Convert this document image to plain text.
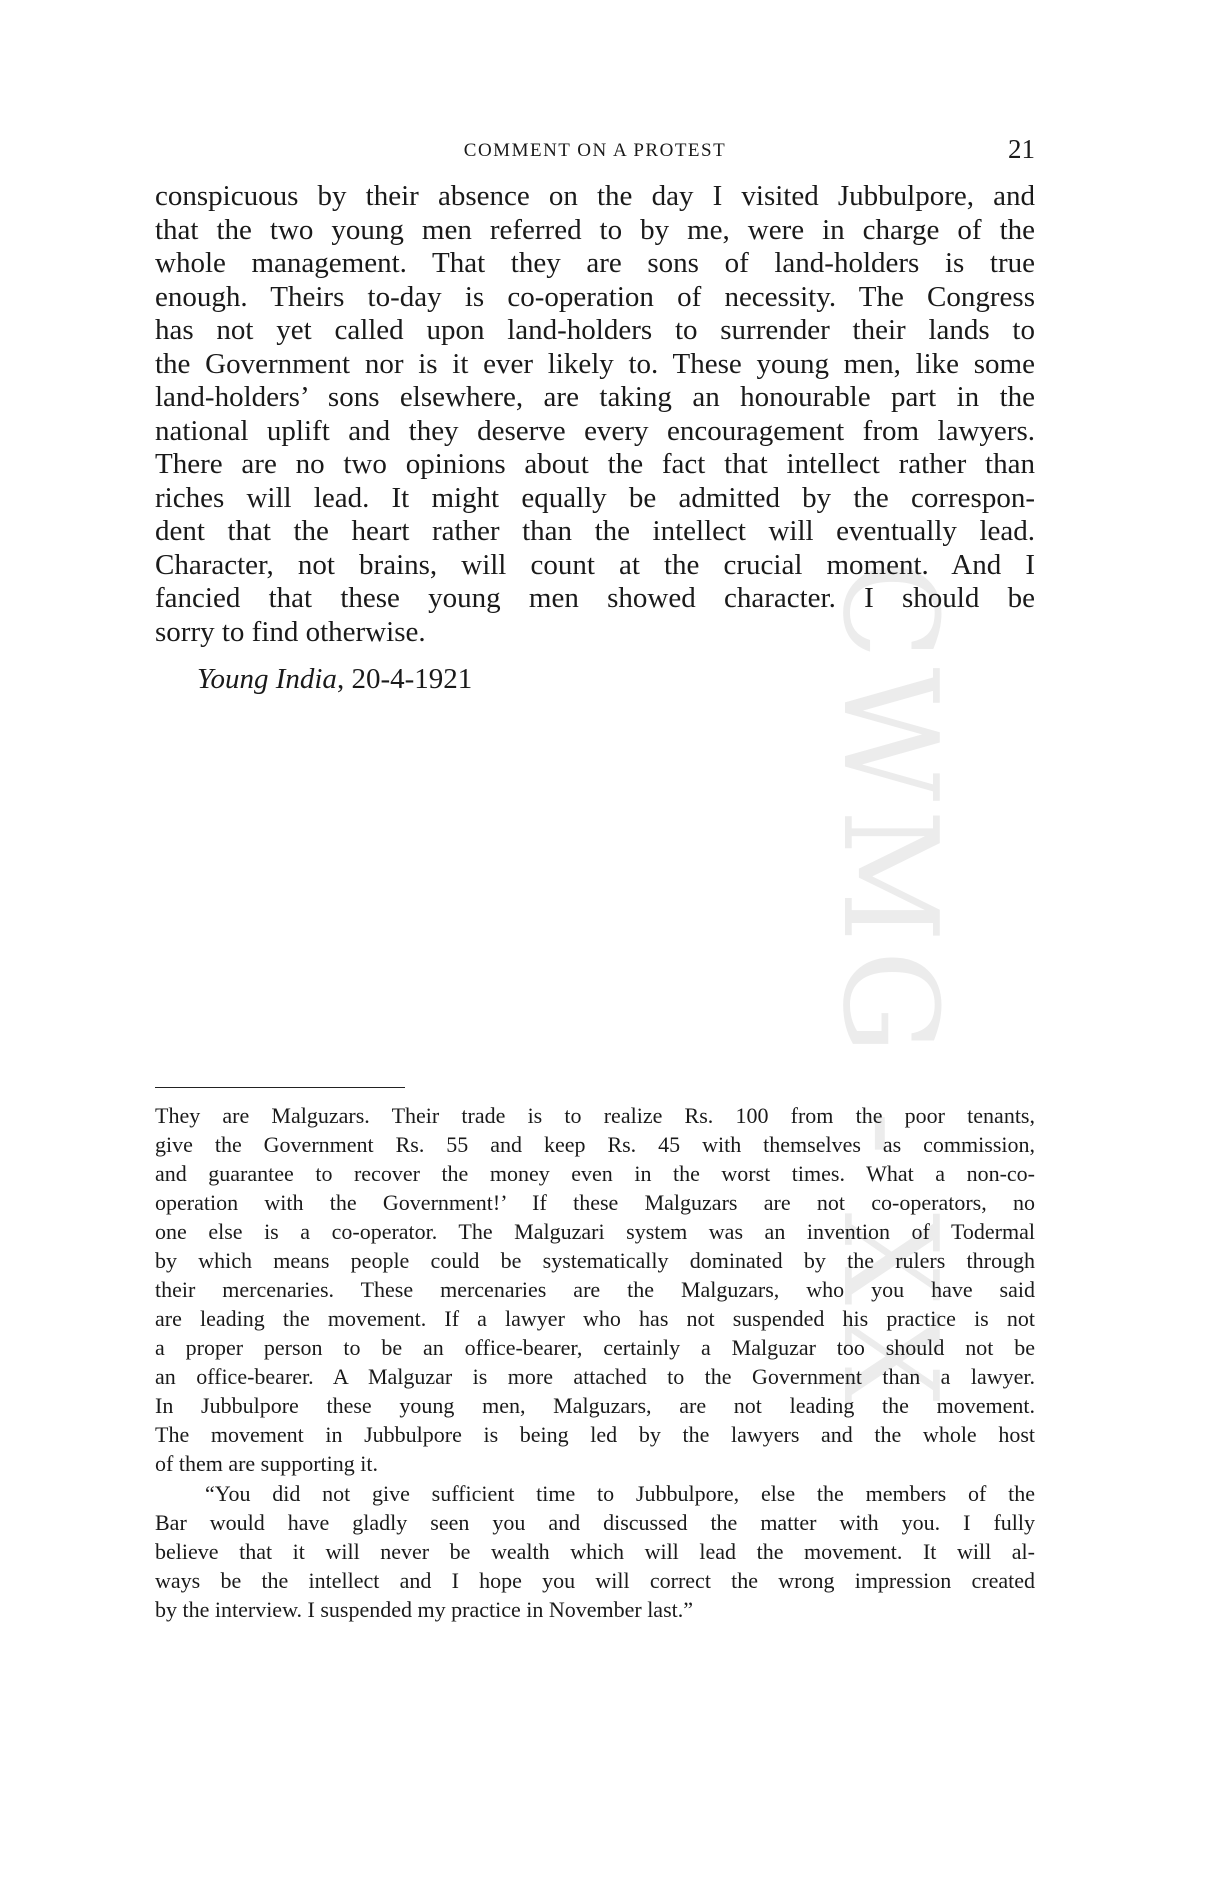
CWMG - XX
COMMENT ON A PROTEST	21

conspicuous by their absence on the day I visited Jubbulpore, and
that the two young men referred to by me, were in charge of the
whole management. That they are sons of land-holders is true
enough. Theirs to-day is co-operation of necessity. The Congress
has not yet called upon land-holders to surrender their lands to
the Government nor is it ever likely to. These young men, like some
land-holders’ sons elsewhere, are taking an honourable part in the
national uplift and they deserve every encouragement from lawyers.
There are no two opinions about the fact that intellect rather than
riches will lead. It might equally be admitted by the correspon-
dent that the heart rather than the intellect will eventually lead.
Character, not brains, will count at the crucial moment. And I
fancied that these young men showed character. I should be
sorry to find otherwise.

Young India, 20-4-1921

They are Malguzars. Their trade is to realize Rs. 100 from the poor tenants,
give the Government Rs. 55 and keep Rs. 45 with themselves as commission,
and guarantee to recover the money even in the worst times. What a non-co-
operation with the Government!’ If these Malguzars are not co-operators, no
one else is a co-operator. The Malguzari system was an invention of Todermal
by which means people could be systematically dominated by the rulers through
their mercenaries. These mercenaries are the Malguzars, who you have said
are leading the movement. If a lawyer who has not suspended his practice is not
a proper person to be an office-bearer, certainly a Malguzar too should not be
an office-bearer. A Malguzar is more attached to the Government than a lawyer.
In Jubbulpore these young men, Malguzars, are not leading the movement.
The movement in Jubbulpore is being led by the lawyers and the whole host
of them are supporting it.

“You did not give sufficient time to Jubbulpore, else the members of the
Bar would have gladly seen you and discussed the matter with you. I fully
believe that it will never be wealth which will lead the movement. It will al-
ways be the intellect and I hope you will correct the wrong impression created
by the interview. I suspended my practice in November last.”
